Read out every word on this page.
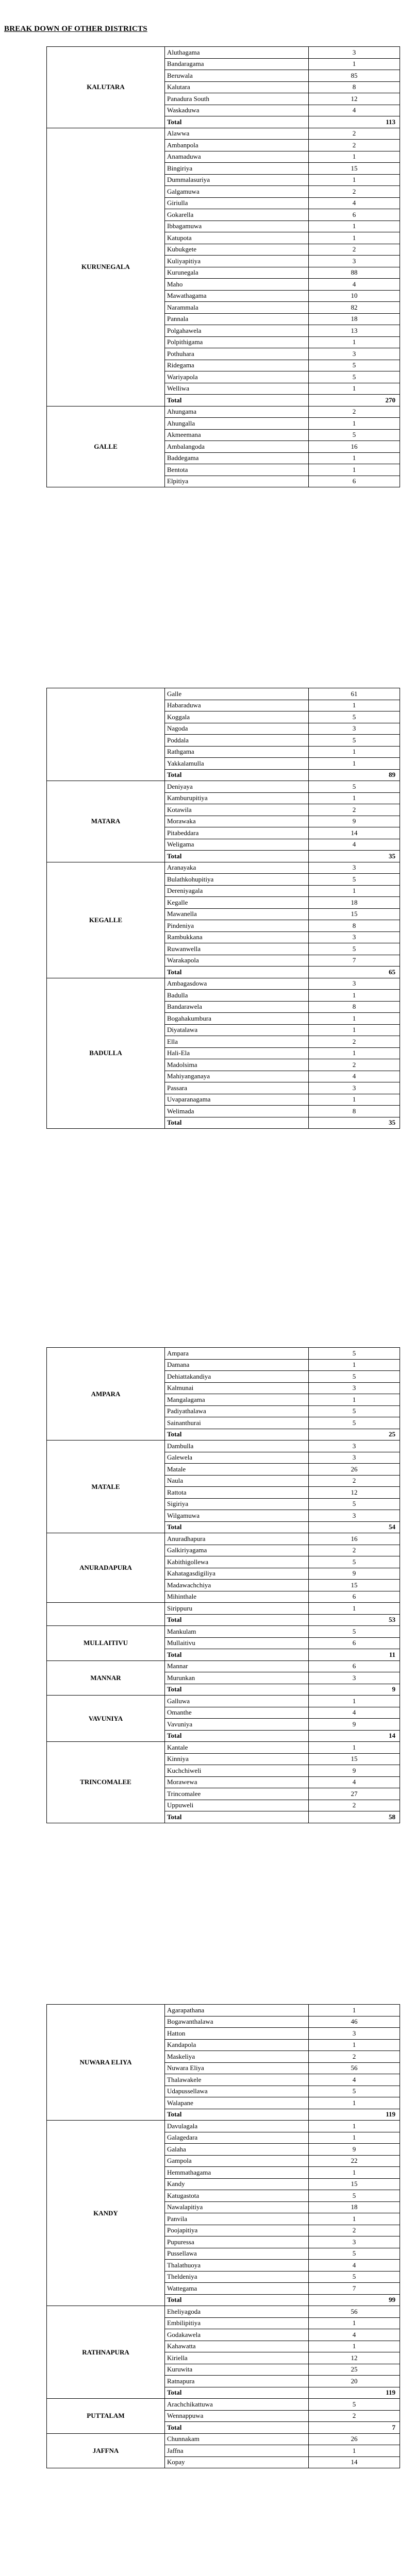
BREAK DOWN OF OTHER DISTRICTS
KALUTARA	Aluthagama	3
	Bandaragama	1
	Beruwala	85
	Kalutara	8
	Panadura South	12
	Waskaduwa	4
	Total	113
KURUNEGALA	Alawwa	2
	Ambanpola	2
	Anamaduwa	1
	Bingiriya	15
	Dummalasuriya	1
	Galgamuwa	2
	Giriulla	4
	Gokarella	6
	Ibbagamuwa	1
	Katupota	1
	Kubukgete	2
	Kuliyapitiya	3
	Kurunegala	88
	Maho	4
	Mawathagama	10
	Narammala	82
	Pannala	18
	Polgahawela	13
	Polpithigama	1
	Pothuhara	3
	Ridegama	5
	Wariyapola	5
	Welliwa	1
	Total	270
GALLE	Ahungama	2
	Ahungalla	1
	Akmeemana	5
	Ambalangoda	16
	Baddegama	1
	Bentota	1
	Elpitiya	6
	Galle	61
	Habaraduwa	1
	Koggala	5
	Nagoda	3
	Poddala	5
	Rathgama	1
	Yakkalamulla	1
	Total	89
MATARA	Deniyaya	5
	Kamburupitiya	1
	Kotawila	2
	Morawaka	9
	Pitabeddara	14
	Weligama	4
	Total	35
KEGALLE	Aranayaka	3
	Bulathkohupitiya	5
	Dereniyagala	1
	Kegalle	18
	Mawanella	15
	Pindeniya	8
	Rambukkana	3
	Ruwanwella	5
	Warakapola	7
	Total	65
BADULLA	Ambagasdowa	3
	Badulla	1
	Bandarawela	8
	Bogahakumbura	1
	Diyatalawa	1
	Ella	2
	Hali-Ela	1
	Madolsima	2
	Mahiyanganaya	4
	Passara	3
	Uvaparanagama	1
	Welimada	8
	Total	35
AMPARA	Ampara	5
	Damana	1
	Dehiattakandiya	5
	Kalmunai	3
	Mangalagama	1
	Padiyathalawa	5
	Sainanthurai	5
	Total	25
MATALE	Dambulla	3
	Galewela	3
	Matale	26
	Naula	2
	Rattota	12
	Sigiriya	5
	Wilgamuwa	3
	Total	54
ANURADAPURA	Anuradhapura	16
	Galkiriyagama	2
	Kabithigollewa	5
	Kahatagasdigiliya	9
	Madawachchiya	15
	Mihinthale	6
	Sirippuru	1
	Total	53
MULLAITIVU	Mankulam	5
	Mullaitivu	6
	Total	11
MANNAR	Mannar	6
	Murunkan	3
	Total	9
VAVUNIYA	Galluwa	1
	Omanthe	4
	Vavuniya	9
	Total	14
TRINCOMALEE	Kantale	1
	Kinniya	15
	Kuchchiweli	9
	Morawewa	4
	Trincomalee	27
	Uppuweli	2
	Total	58
NUWARA ELIYA	Agarapathana	1
	Bogawanthalawa	46
	Hatton	3
	Kandapola	1
	Maskeliya	2
	Nuwara Eliya	56
	Thalawakele	4
	Udapussellawa	5
	Walapane	1
	Total	119
KANDY	Davulagala	1
	Galagedara	1
	Galaha	9
	Gampola	22
	Hemmathagama	1
	Kandy	15
	Katugastota	5
	Nawalapitiya	18
	Panvila	1
	Poojapitiya	2
	Pupuressa	3
	Pussellawa	5
	Thalathuoya	4
	Theldeniya	5
	Wattegama	7
	Total	99
RATHNAPURA	Eheliyagoda	56
	Embilipitiya	1
	Godakawela	4
	Kahawatta	1
	Kiriella	12
	Kuruwita	25
	Ratnapura	20
	Total	119
PUTTALAM	Arachchikattuwa	5
	Wennappuwa	2
	Total	7
JAFFNA	Chunnakam	26
	Jaffna	1
	Kopay	14
